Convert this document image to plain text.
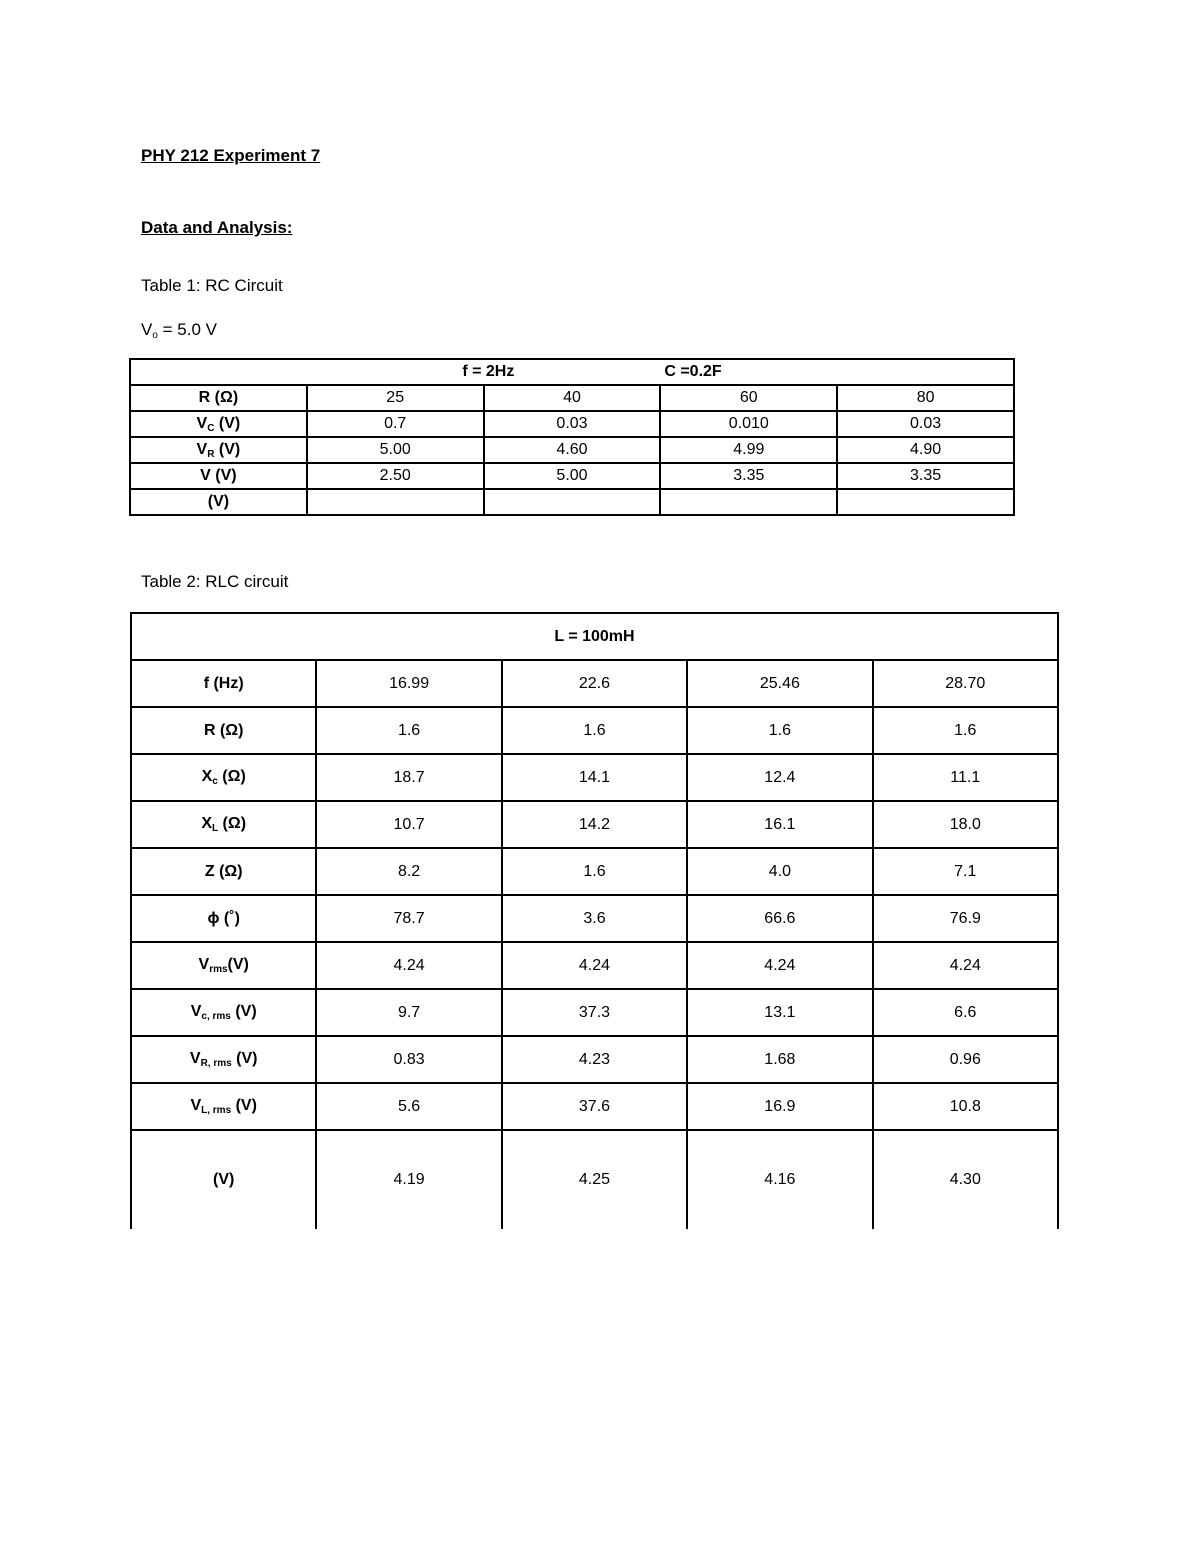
PHY 212 Experiment 7

Data and Analysis:

Table 1: RC Circuit

$V_o = 5.0$ V

f = 2Hz C =0.2F				
R (Ω)	25	40	60	80
$V_C$ (V)	0.7	0.03	0.010	0.03
$V_R$ (V)	5.00	4.60	4.99	4.90
V (V)	2.50	5.00	3.35	3.35
(V)				

Table 2: RLC circuit

L = 100mH				
f (Hz)	16.99	22.6	25.46	28.70
R (Ω)	1.6	1.6	1.6	1.6
$X_c$ (Ω)	18.7	14.1	12.4	11.1
$X_L$ (Ω)	10.7	14.2	16.1	18.0
Z (Ω)	8.2	1.6	4.0	7.1
ϕ (˚)	78.7	3.6	66.6	76.9
$V_{rms}(V)$	4.24	4.24	4.24	4.24
$V_{c, rms}$ (V)	9.7	37.3	13.1	6.6
$V_{R, rms}$ (V)	0.83	4.23	1.68	0.96
$V_{L, rms}$ (V)	5.6	37.6	16.9	10.8
(V)	4.19	4.25	4.16	4.30
